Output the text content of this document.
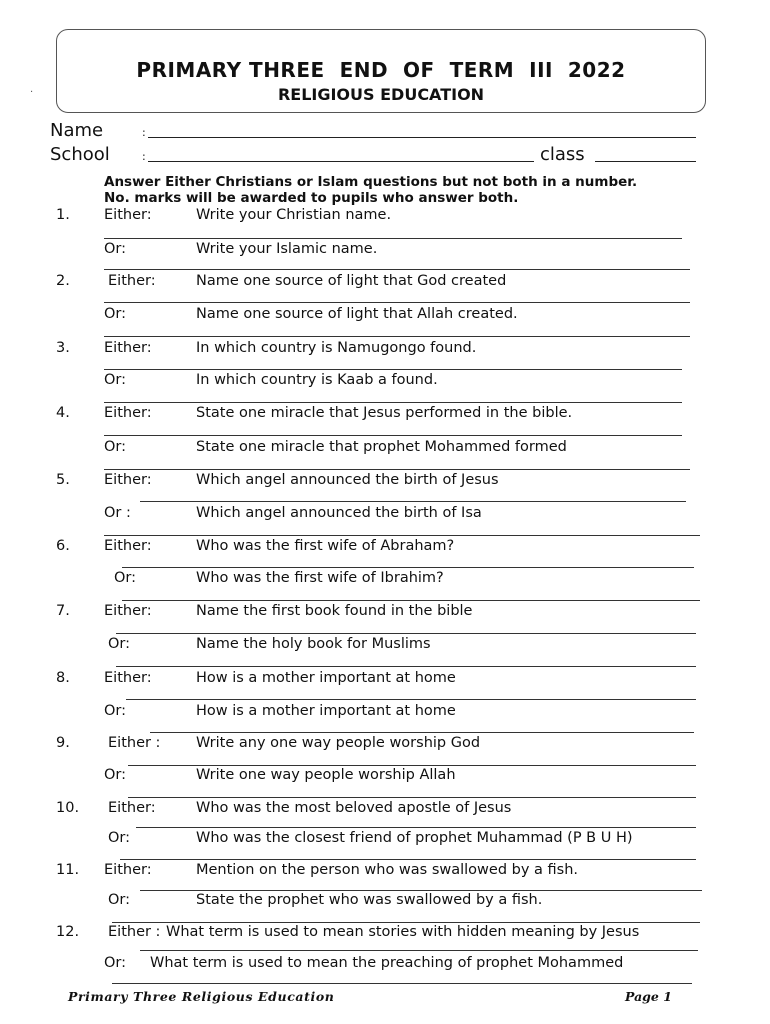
.
PRIMARY THREE  END  OF  TERM  III  2022
RELIGIOUS EDUCATION
Name	:
School	:	class
Answer Either Christians or Islam questions but not both in a number.
No. marks will be awarded to pupils who answer both.
1. Either:	Write your Christian name.
Or:	Write your Islamic name.
2.	Either:	Name one source of light that God created
Or:	Name one source of light that Allah created.
3. Either:	In which country is Namugongo found.
Or:	In which country is Kaab a found.
4. Either:	State one miracle that Jesus performed in the bible.
Or:	State one miracle that prophet Mohammed formed
5. Either:	Which angel announced the birth of Jesus
Or :	Which angel announced the birth of Isa
6. Either:	Who was the first wife of Abraham?
Or:	Who was the first wife of Ibrahim?
7. Either:	Name the first book found in the bible
Or:	Name the holy book for Muslims
8. Either:	How is a mother important at home
Or:	How is a mother important at home
9.	Either : Write any one way people worship God
Or:	Write one way people worship Allah
10. Either:	Who was the most beloved apostle of Jesus
Or:	Who was the closest friend of prophet Muhammad (P B U H)
11. Either:	Mention on the person who was swallowed by a fish.
Or:	State the prophet who was swallowed by a fish.
12. Either : What term is used to mean stories with hidden meaning by Jesus
Or: What term is used to mean the preaching of prophet Mohammed
Primary Three Religious Education	Page 1
